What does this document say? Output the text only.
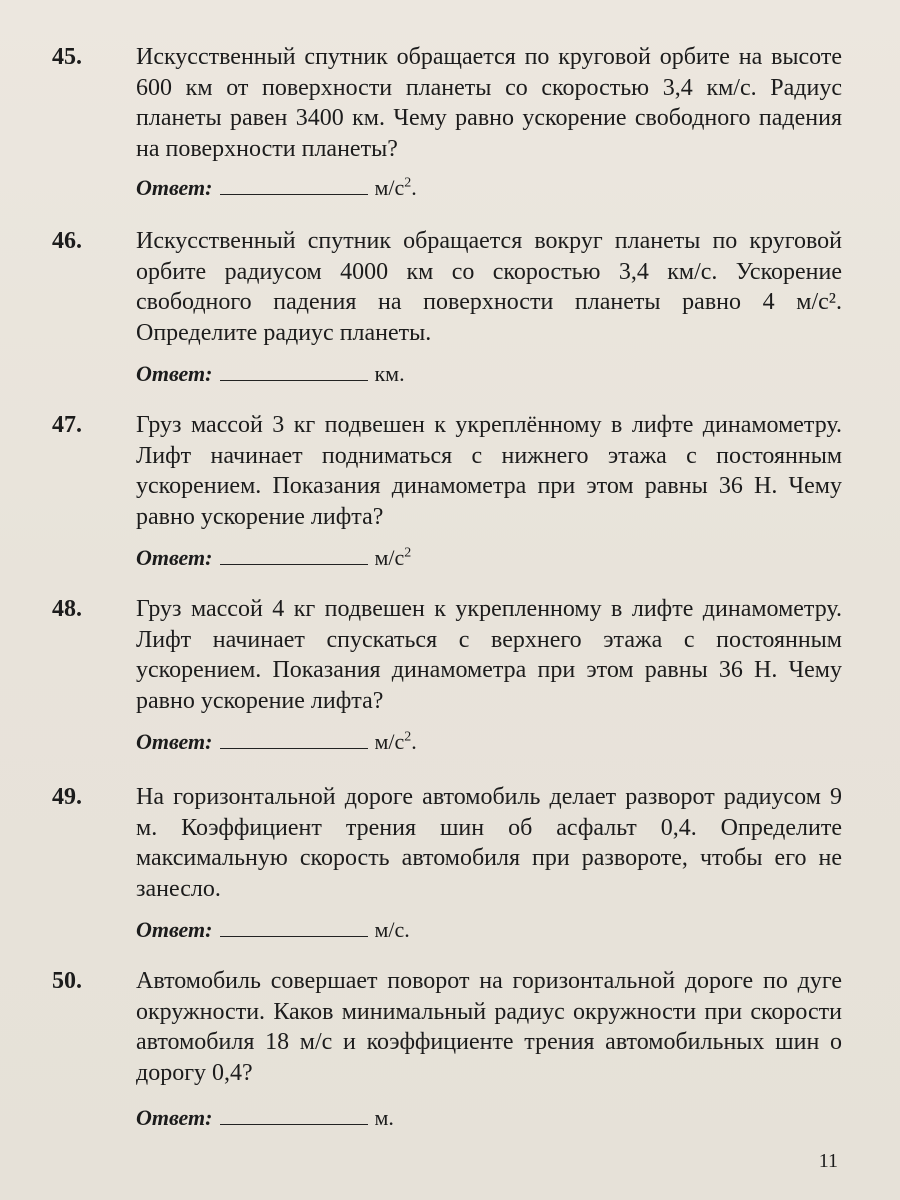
45. Искусственный спутник обращается по круговой орбите на высоте 600 км от поверхности планеты со скоростью 3,4 км/с. Радиус планеты равен 3400 км. Чему равно ускорение свободного падения на поверхности планеты?
Ответ:	$м/с^2$.
46. Искусственный спутник обращается вокруг планеты по круговой орбите радиусом 4000 км со скоростью 3,4 км/с. Ускорение свободного падения на поверхности планеты равно 4 м/с². Определите радиус планеты.
Ответ:	км.
47. Груз массой 3 кг подвешен к укреплённому в лифте динамометру. Лифт начинает подниматься с нижнего этажа с постоянным ускорением. Показания динамометра при этом равны 36 Н. Чему равно ускорение лифта?
Ответ:	$м/с^2$
48. Груз массой 4 кг подвешен к укрепленному в лифте динамометру. Лифт начинает спускаться с верхнего этажа с постоянным ускорением. Показания динамометра при этом равны 36 Н. Чему равно ускорение лифта?
Ответ:	$м/с^2$.
49. На горизонтальной дороге автомобиль делает разворот радиусом 9 м. Коэффициент трения шин об асфальт 0,4. Определите максимальную скорость автомобиля при развороте, чтобы его не занесло.
Ответ:	м/с.
50. Автомобиль совершает поворот на горизонтальной дороге по дуге окружности. Каков минимальный радиус окружности при скорости автомобиля 18 м/с и коэффициенте трения автомобильных шин о дорогу 0,4?
Ответ:	м.
11
